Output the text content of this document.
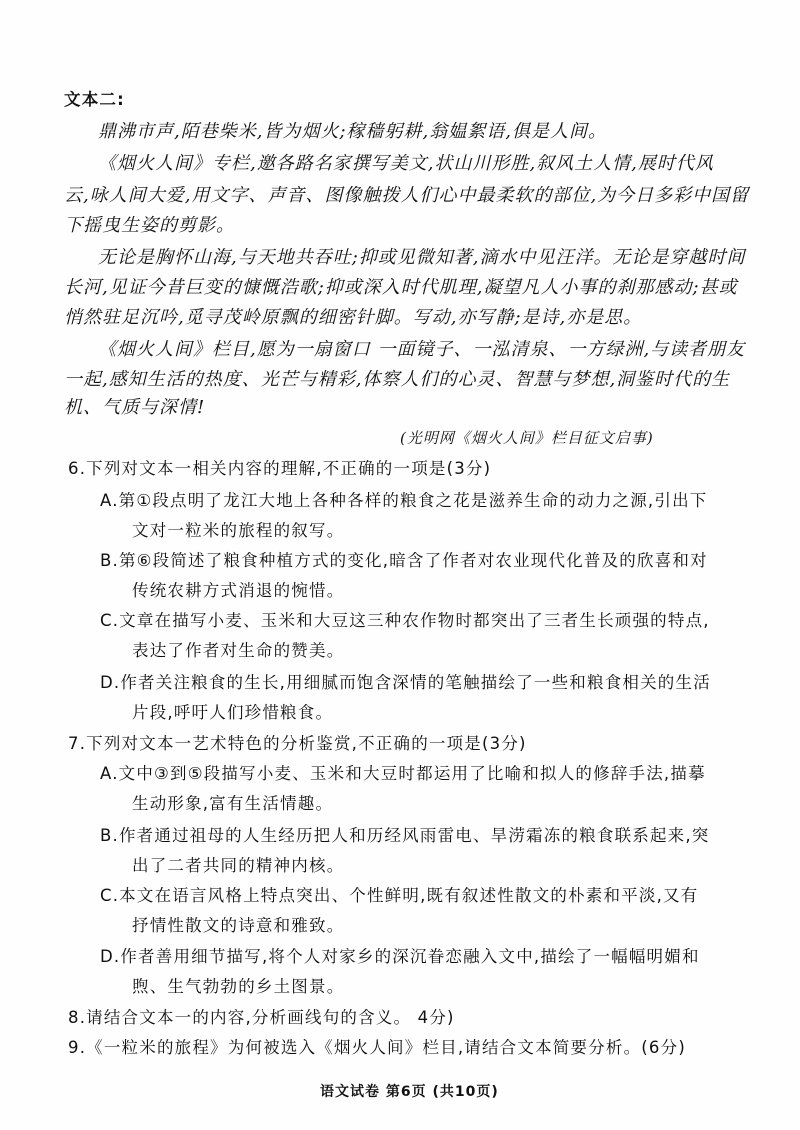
文本二:
鼎沸市声,陌巷柴米,皆为烟火;稼穑躬耕,翁媪絮语,俱是人间。
《烟火人间》专栏,邀各路名家撰写美文,状山川形胜,叙风土人情,展时代风
云,咏人间大爱,用文字、声音、图像触拨人们心中最柔软的部位,为今日多彩中国留
下摇曳生姿的剪影。
无论是胸怀山海,与天地共吞吐;抑或见微知著,滴水中见汪洋。无论是穿越时间
长河,见证今昔巨变的慷慨浩歌;抑或深入时代肌理,凝望凡人小事的刹那感动;甚或
悄然驻足沉吟,觅寻茂岭原飘的细密针脚。写动,亦写静;是诗,亦是思。
《烟火人间》栏目,愿为一扇窗口 一面镜子、一泓清泉、一方绿洲,与读者朋友
一起,感知生活的热度、光芒与精彩,体察人们的心灵、智慧与梦想,洞鉴时代的生
机、气质与深情!
(光明网《烟火人间》栏目征文启事)
6.下列对文本一相关内容的理解,不正确的一项是(3分)
A.第①段点明了龙江大地上各种各样的粮食之花是滋养生命的动力之源,引出下
文对一粒米的旅程的叙写。
B.第⑥段简述了粮食种植方式的变化,暗含了作者对农业现代化普及的欣喜和对
传统农耕方式消退的惋惜。
C.文章在描写小麦、玉米和大豆这三种农作物时都突出了三者生长顽强的特点,
表达了作者对生命的赞美。
D.作者关注粮食的生长,用细腻而饱含深情的笔触描绘了一些和粮食相关的生活
片段,呼吁人们珍惜粮食。
7.下列对文本一艺术特色的分析鉴赏,不正确的一项是(3分)
A.文中③到⑤段描写小麦、玉米和大豆时都运用了比喻和拟人的修辞手法,描摹
生动形象,富有生活情趣。
B.作者通过祖母的人生经历把人和历经风雨雷电、旱涝霜冻的粮食联系起来,突
出了二者共同的精神内核。
C.本文在语言风格上特点突出、个性鲜明,既有叙述性散文的朴素和平淡,又有
抒情性散文的诗意和雅致。
D.作者善用细节描写,将个人对家乡的深沉眷恋融入文中,描绘了一幅幅明媚和
煦、生气勃勃的乡土图景。
8.请结合文本一的内容,分析画线句的含义。 4分)
9.《一粒米的旅程》为何被选入《烟火人间》栏目,请结合文本简要分析。(6分)
语文试卷 第6页 (共10页)
